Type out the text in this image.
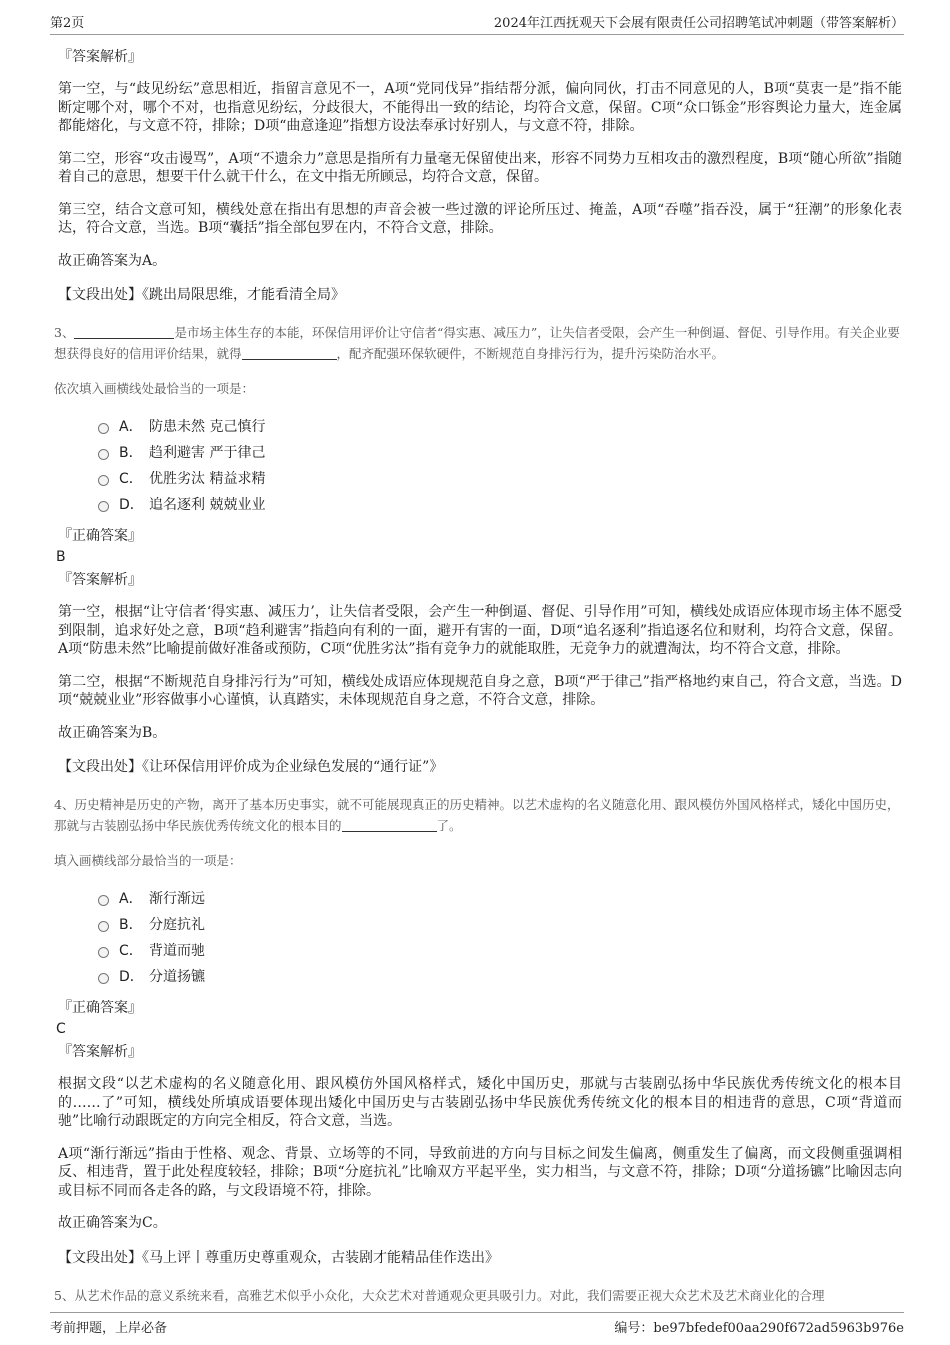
第2页	2024年江西抚观天下会展有限责任公司招聘笔试冲刺题（带答案解析）
『答案解析』

第一空，与“歧见纷纭”意思相近，指留言意见不一，A项“党同伐异”指结帮分派，偏向同伙，打击不同意见的人，B项“莫衷一是”指不能断定哪个对，哪个不对，也指意见纷纭，分歧很大，不能得出一致的结论，均符合文意，保留。C项“众口铄金”形容舆论力量大，连金属都能熔化，与文意不符，排除；D项“曲意逢迎”指想方设法奉承讨好别人，与文意不符，排除。

第二空，形容“攻击谩骂”，A项“不遗余力”意思是指所有力量毫无保留使出来，形容不同势力互相攻击的激烈程度，B项“随心所欲”指随着自己的意思，想要干什么就干什么，在文中指无所顾忌，均符合文意，保留。

第三空，结合文意可知，横线处意在指出有思想的声音会被一些过激的评论所压过、掩盖，A项“吞噬”指吞没，属于“狂潮”的形象化表达，符合文意，当选。B项“囊括”指全部包罗在内，不符合文意，排除。

故正确答案为A。

【文段出处】《跳出局限思维，才能看清全局》
3、	是市场主体生存的本能，环保信用评价让守信者“得实惠、减压力”，让失信者受限，会产生一种倒逼、督促、引导作用。有关企业要想获得良好的信用评价结果，就得	，配齐配强环保软硬件，不断规范自身排污行为，提升污染防治水平。
依次填入画横线处最恰当的一项是：
A． 防患未然 克己慎行
B． 趋利避害 严于律己
C． 优胜劣汰 精益求精
D． 追名逐利 兢兢业业
『正确答案』
B
『答案解析』

第一空，根据“让守信者‘得实惠、减压力’，让失信者受限，会产生一种倒逼、督促、引导作用”可知，横线处成语应体现市场主体不愿受到限制，追求好处之意，B项“趋利避害”指趋向有利的一面，避开有害的一面，D项“追名逐利”指追逐名位和财利，均符合文意，保留。A项“防患未然”比喻提前做好准备或预防，C项“优胜劣汰”指有竞争力的就能取胜，无竞争力的就遭淘汰，均不符合文意，排除。

第二空，根据“不断规范自身排污行为”可知，横线处成语应体现规范自身之意，B项“严于律己”指严格地约束自己，符合文意，当选。D项“兢兢业业”形容做事小心谨慎，认真踏实，未体现规范自身之意，不符合文意，排除。

故正确答案为B。

【文段出处】《让环保信用评价成为企业绿色发展的“通行证”》
4、历史精神是历史的产物，离开了基本历史事实，就不可能展现真正的历史精神。以艺术虚构的名义随意化用、跟风模仿外国风格样式，矮化中国历史，那就与古装剧弘扬中华民族优秀传统文化的根本目的	了。
填入画横线部分最恰当的一项是：
A． 渐行渐远
B． 分庭抗礼
C． 背道而驰
D． 分道扬镳
『正确答案』
C
『答案解析』

根据文段“以艺术虚构的名义随意化用、跟风模仿外国风格样式，矮化中国历史，那就与古装剧弘扬中华民族优秀传统文化的根本目的……了”可知，横线处所填成语要体现出矮化中国历史与古装剧弘扬中华民族优秀传统文化的根本目的相违背的意思，C项“背道而驰”比喻行动跟既定的方向完全相反，符合文意，当选。

A项“渐行渐远”指由于性格、观念、背景、立场等的不同，导致前进的方向与目标之间发生偏离，侧重发生了偏离，而文段侧重强调相反、相违背，置于此处程度较轻，排除；B项“分庭抗礼”比喻双方平起平坐，实力相当，与文意不符，排除；D项“分道扬镳”比喻因志向或目标不同而各走各的路，与文段语境不符，排除。

故正确答案为C。

【文段出处】《马上评丨尊重历史尊重观众，古装剧才能精品佳作迭出》
5、从艺术作品的意义系统来看，高雅艺术似乎小众化，大众艺术对普通观众更具吸引力。对此，我们需要正视大众艺术及艺术商业化的合理
考前押题，上岸必备	编号：be97bfedef00aa290f672ad5963b976e
